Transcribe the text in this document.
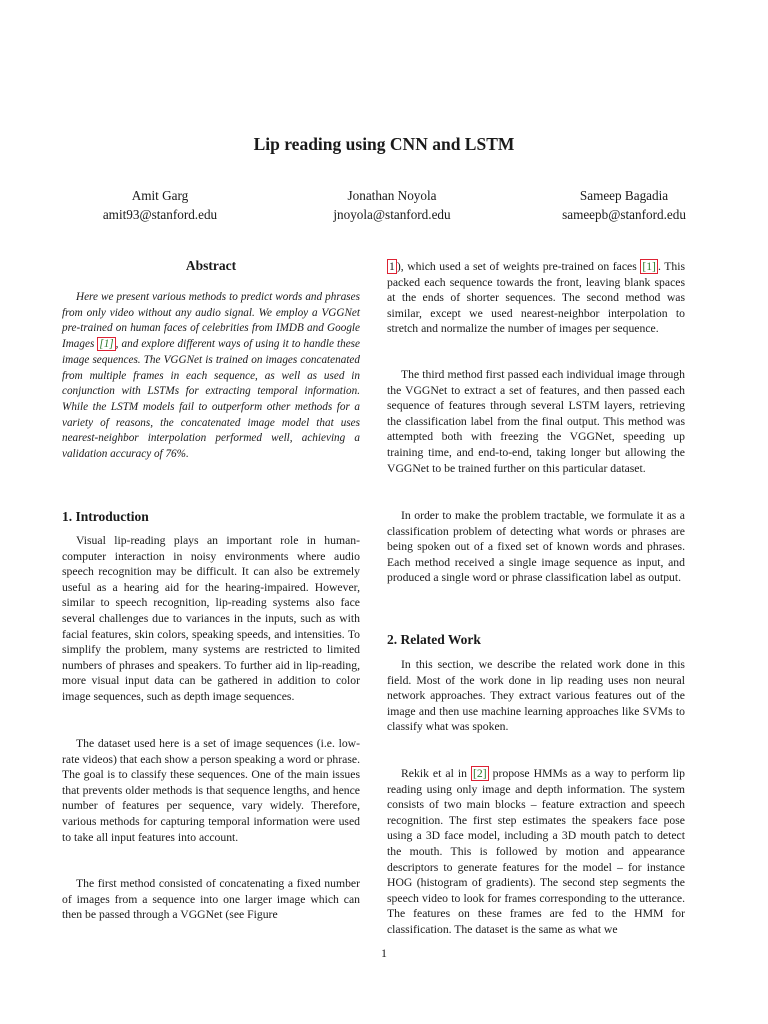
Lip reading using CNN and LSTM
Amit Garg
amit93@stanford.edu
Jonathan Noyola
jnoyola@stanford.edu
Sameep Bagadia
sameepb@stanford.edu
Abstract
Here we present various methods to predict words and phrases from only video without any audio signal. We employ a VGGNet pre-trained on human faces of celebrities from IMDB and Google Images [1] , and explore different ways of using it to handle these image sequences. The VGGNet is trained on images concatenated from multiple frames in each sequence, as well as used in conjunction with LSTMs for extracting temporal information. While the LSTM models fail to outperform other methods for a variety of reasons, the concatenated image model that uses nearest-neighbor interpolation performed well, achieving a validation accuracy of 76%.
1. Introduction
Visual lip-reading plays an important role in human-computer interaction in noisy environments where audio speech recognition may be difficult. It can also be extremely useful as a hearing aid for the hearing-impaired. However, similar to speech recognition, lip-reading systems also face several challenges due to variances in the inputs, such as with facial features, skin colors, speaking speeds, and intensities. To simplify the problem, many systems are restricted to limited numbers of phrases and speakers. To further aid in lip-reading, more visual input data can be gathered in addition to color image sequences, such as depth image sequences.
The dataset used here is a set of image sequences (i.e. low-rate videos) that each show a person speaking a word or phrase. The goal is to classify these sequences. One of the main issues that prevents older methods is that sequence lengths, and hence number of features per sequence, vary widely. Therefore, various methods for capturing temporal information were used to take all input features into account.
The first method consisted of concatenating a fixed number of images from a sequence into one larger image which can then be passed through a VGGNet (see Figure
1 ), which used a set of weights pre-trained on faces [1] . This packed each sequence towards the front, leaving blank spaces at the ends of shorter sequences. The second method was similar, except we used nearest-neighbor interpolation to stretch and normalize the number of images per sequence.
The third method first passed each individual image through the VGGNet to extract a set of features, and then passed each sequence of features through several LSTM layers, retrieving the classification label from the final output. This method was attempted both with freezing the VGGNet, speeding up training time, and end-to-end, taking longer but allowing the VGGNet to be trained further on this particular dataset.
In order to make the problem tractable, we formulate it as a classification problem of detecting what words or phrases are being spoken out of a fixed set of known words and phrases. Each method received a single image sequence as input, and produced a single word or phrase classification label as output.
2. Related Work
In this section, we describe the related work done in this field. Most of the work done in lip reading uses non neural network approaches. They extract various features out of the image and then use machine learning approaches like SVMs to classify what was spoken.
Rekik et al in [2] propose HMMs as a way to perform lip reading using only image and depth information. The system consists of two main blocks – feature extraction and speech recognition. The first step estimates the speakers face pose using a 3D face model, including a 3D mouth patch to detect the mouth. This is followed by motion and appearance descriptors to generate features for the model – for instance HOG (histogram of gradients). The second step segments the speech video to look for frames corresponding to the utterance. The features on these frames are fed to the HMM for classification. The dataset is the same as what we
1
